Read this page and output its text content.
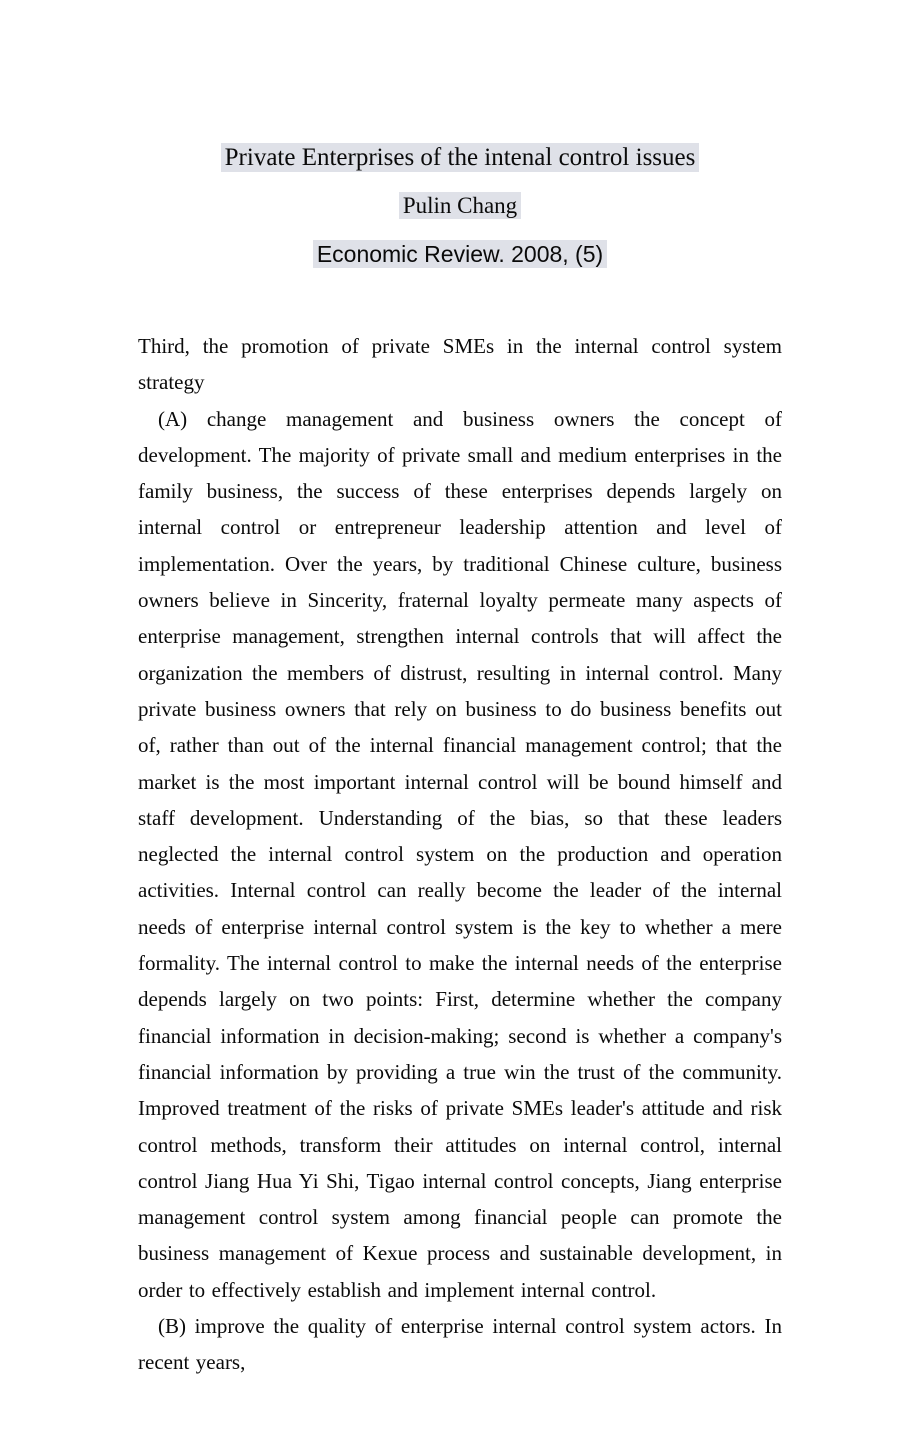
Private Enterprises of the intenal control issues
Pulin Chang
Economic Review. 2008, (5)

Third, the promotion of private SMEs in the internal control system strategy

(A) change management and business owners the concept of development. The majority of private small and medium enterprises in the family business, the success of these enterprises depends largely on internal control or entrepreneur leadership attention and level of implementation. Over the years, by traditional Chinese culture, business owners believe in Sincerity, fraternal loyalty permeate many aspects of enterprise management, strengthen internal controls that will affect the organization the members of distrust, resulting in internal control. Many private business owners that rely on business to do business benefits out of, rather than out of the internal financial management control; that the market is the most important internal control will be bound himself and staff development. Understanding of the bias, so that these leaders neglected the internal control system on the production and operation activities. Internal control can really become the leader of the internal needs of enterprise internal control system is the key to whether a mere formality. The internal control to make the internal needs of the enterprise depends largely on two points: First, determine whether the company financial information in decision-making; second is whether a company's financial information by providing a true win the trust of the community. Improved treatment of the risks of private SMEs leader's attitude and risk control methods, transform their attitudes on internal control, internal control Jiang Hua Yi Shi, Tigao internal control concepts, Jiang enterprise management control system among financial people can promote the business management of Kexue process and sustainable development, in order to effectively establish and implement internal control.

(B) improve the quality of enterprise internal control system actors. In recent years,
